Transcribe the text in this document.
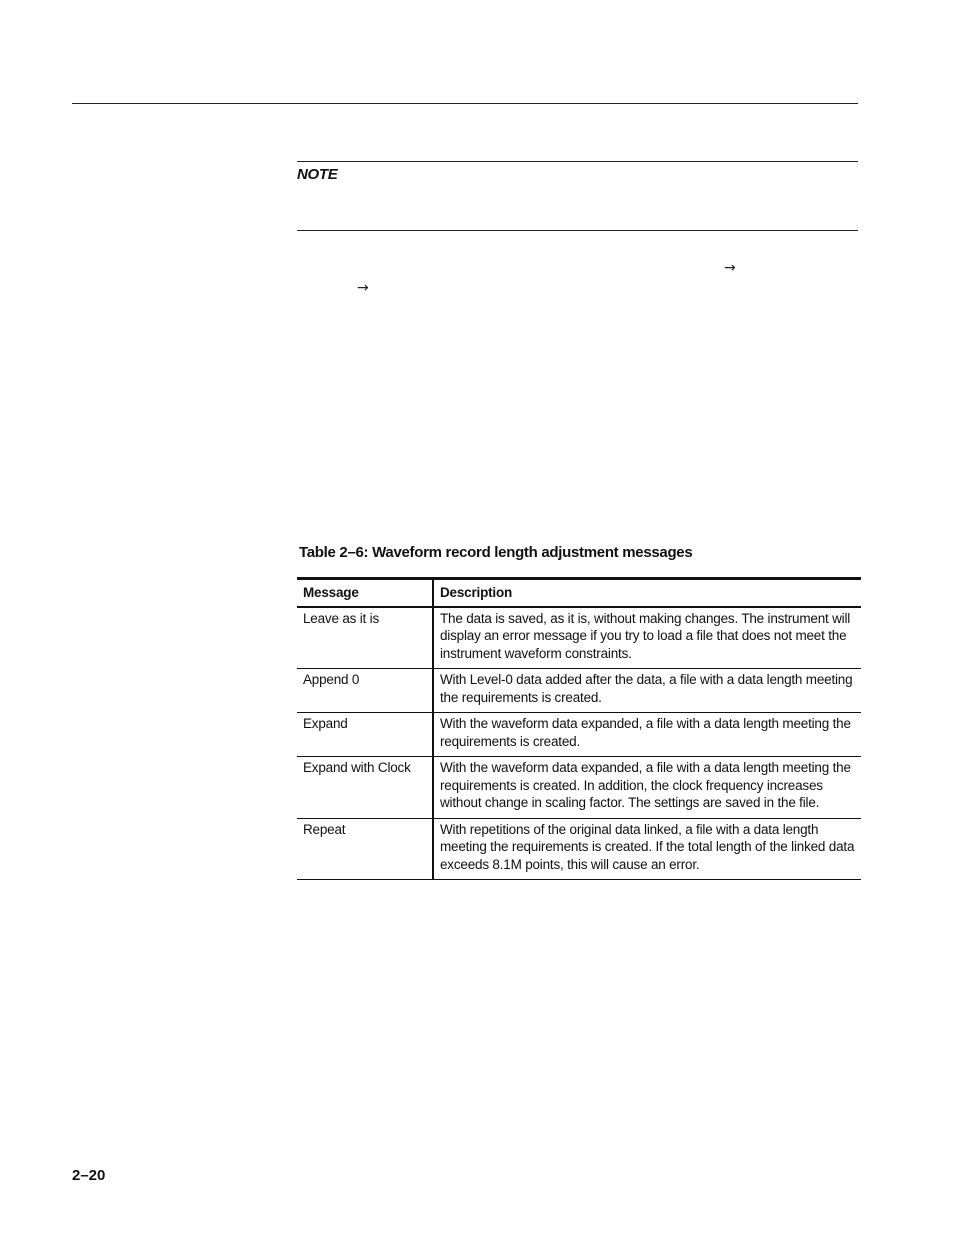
NOTE
→
→
Table 2–6: Waveform record length adjustment messages
Message	Description
Leave as it is	The data is saved, as it is, without making changes. The instrument will display an error message if you try to load a file that does not meet the instrument waveform constraints.
Append 0	With Level-0 data added after the data, a file with a data length meeting the requirements is created.
Expand	With the waveform data expanded, a file with a data length meeting the requirements is created.
Expand with Clock	With the waveform data expanded, a file with a data length meeting the requirements is created. In addition, the clock frequency increases without change in scaling factor. The settings are saved in the file.
Repeat	With repetitions of the original data linked, a file with a data length meeting the requirements is created. If the total length of the linked data exceeds 8.1M points, this will cause an error.
2–20
